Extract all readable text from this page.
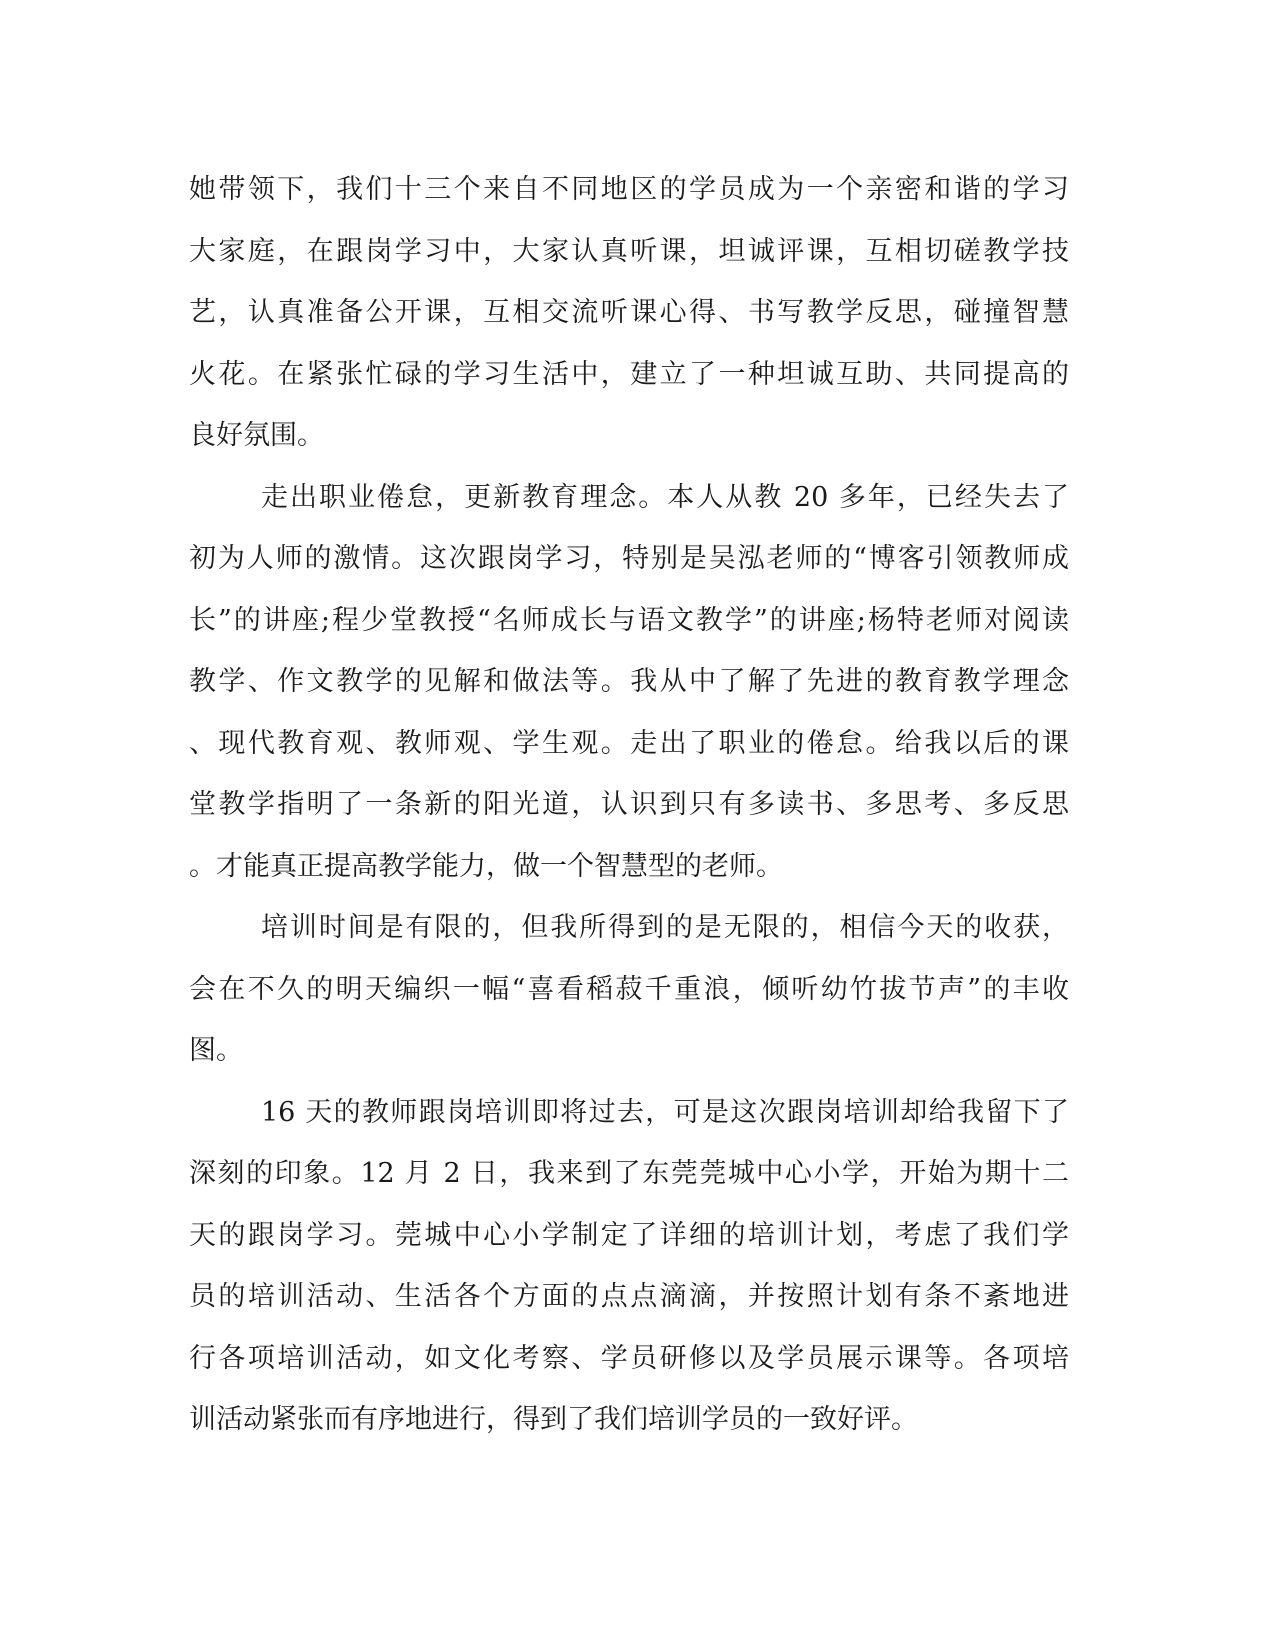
她带领下，我们十三个来自不同地区的学员成为一个亲密和谐的学习
大家庭，在跟岗学习中，大家认真听课，坦诚评课，互相切磋教学技
艺，认真准备公开课，互相交流听课心得、书写教学反思，碰撞智慧
火花。在紧张忙碌的学习生活中，建立了一种坦诚互助、共同提高的
良好氛围。
走出职业倦怠，更新教育理念。本人从教 20 多年，已经失去了
初为人师的激情。这次跟岗学习，特别是吴泓老师的“博客引领教师成
长”的讲座;程少堂教授“名师成长与语文教学”的讲座;杨特老师对阅读
教学、作文教学的见解和做法等。我从中了解了先进的教育教学理念
、现代教育观、教师观、学生观。走出了职业的倦怠。给我以后的课
堂教学指明了一条新的阳光道，认识到只有多读书、多思考、多反思
。才能真正提高教学能力，做一个智慧型的老师。
培训时间是有限的，但我所得到的是无限的，相信今天的收获，
会在不久的明天编织一幅“喜看稻菽千重浪，倾听幼竹拔节声”的丰收
图。
16 天的教师跟岗培训即将过去，可是这次跟岗培训却给我留下了
深刻的印象。12 月 2 日，我来到了东莞莞城中心小学，开始为期十二
天的跟岗学习。莞城中心小学制定了详细的培训计划，考虑了我们学
员的培训活动、生活各个方面的点点滴滴，并按照计划有条不紊地进
行各项培训活动，如文化考察、学员研修以及学员展示课等。各项培
训活动紧张而有序地进行，得到了我们培训学员的一致好评。
